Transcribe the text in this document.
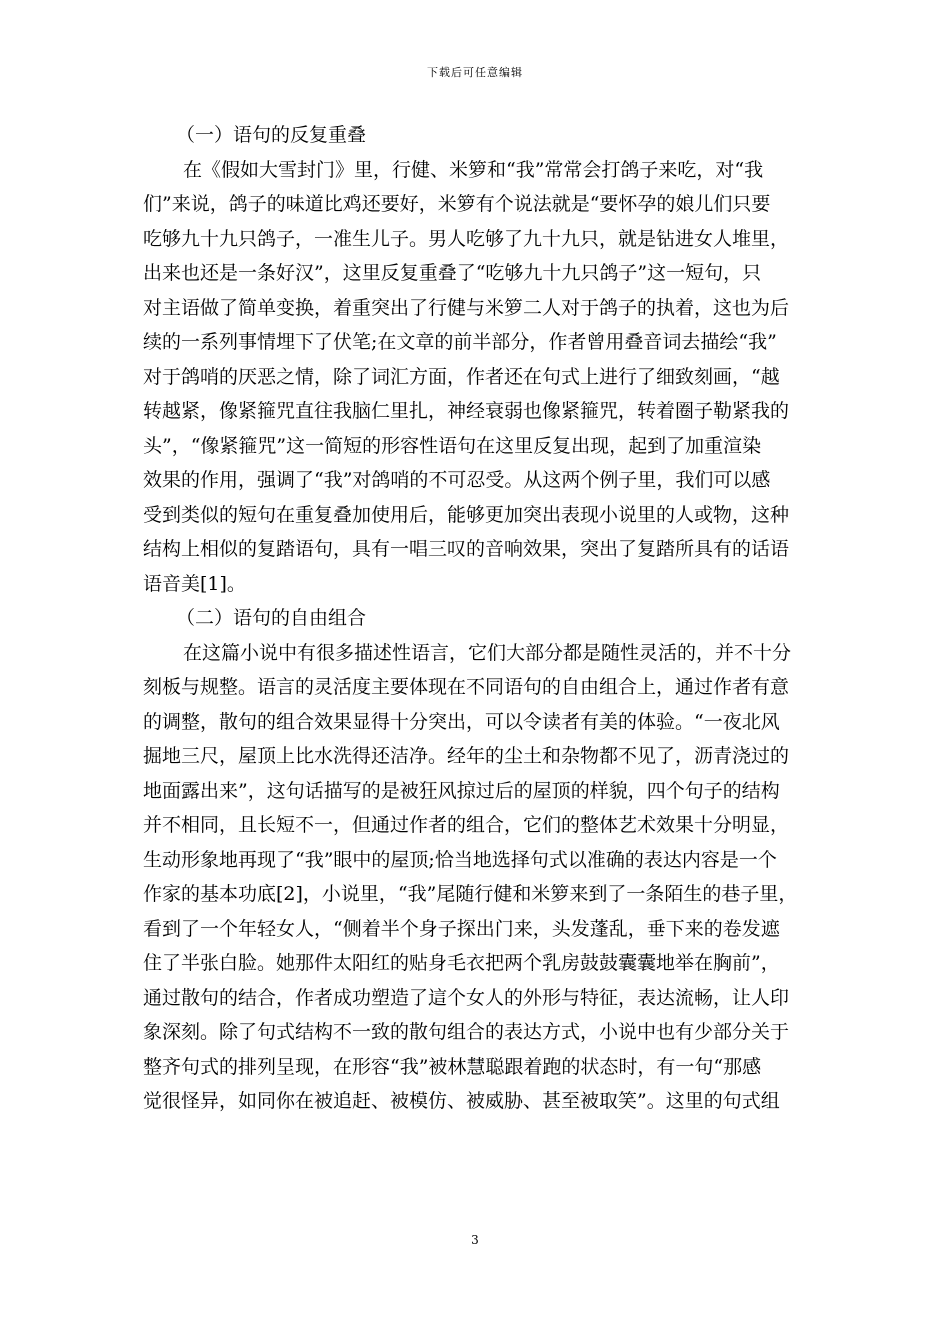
下载后可任意编辑
（一）语句的反复重叠
在《假如大雪封门》里，行健、米箩和“我”常常会打鸽子来吃，对“我
们”来说，鸽子的味道比鸡还要好，米箩有个说法就是“要怀孕的娘儿们只要
吃够九十九只鸽子，一准生儿子。男人吃够了九十九只，就是钻进女人堆里，
出来也还是一条好汉”，这里反复重叠了“吃够九十九只鸽子”这一短句，只
对主语做了简单变换，着重突出了行健与米箩二人对于鸽子的执着，这也为后
续的一系列事情埋下了伏笔;在文章的前半部分，作者曾用叠音词去描绘“我”
对于鸽哨的厌恶之情，除了词汇方面，作者还在句式上进行了细致刻画，“越
转越紧，像紧箍咒直往我脑仁里扎，神经衰弱也像紧箍咒，转着圈子勒紧我的
头”，“像紧箍咒”这一简短的形容性语句在这里反复出现，起到了加重渲染
效果的作用，强调了“我”对鸽哨的不可忍受。从这两个例子里，我们可以感
受到类似的短句在重复叠加使用后，能够更加突出表现小说里的人或物，这种
结构上相似的复踏语句，具有一唱三叹的音响效果，突出了复踏所具有的话语
语音美[1]。
（二）语句的自由组合
在这篇小说中有很多描述性语言，它们大部分都是随性灵活的，并不十分
刻板与规整。语言的灵活度主要体现在不同语句的自由组合上，通过作者有意
的调整，散句的组合效果显得十分突出，可以令读者有美的体验。“一夜北风
掘地三尺，屋顶上比水洗得还洁净。经年的尘土和杂物都不见了，沥青浇过的
地面露出来”，这句话描写的是被狂风掠过后的屋顶的样貌，四个句子的结构
并不相同，且长短不一，但通过作者的组合，它们的整体艺术效果十分明显，
生动形象地再现了“我”眼中的屋顶;恰当地选择句式以准确的表达内容是一个
作家的基本功底[2]，小说里，“我”尾随行健和米箩来到了一条陌生的巷子里，
看到了一个年轻女人，“侧着半个身子探出门来，头发蓬乱，垂下来的卷发遮
住了半张白脸。她那件太阳红的贴身毛衣把两个乳房鼓鼓囊囊地举在胸前”，
通过散句的结合，作者成功塑造了這个女人的外形与特征，表达流畅，让人印
象深刻。除了句式结构不一致的散句组合的表达方式，小说中也有少部分关于
整齐句式的排列呈现，在形容“我”被林慧聪跟着跑的状态时，有一句“那感
觉很怪异，如同你在被追赶、被模仿、被威胁、甚至被取笑”。这里的句式组
3
